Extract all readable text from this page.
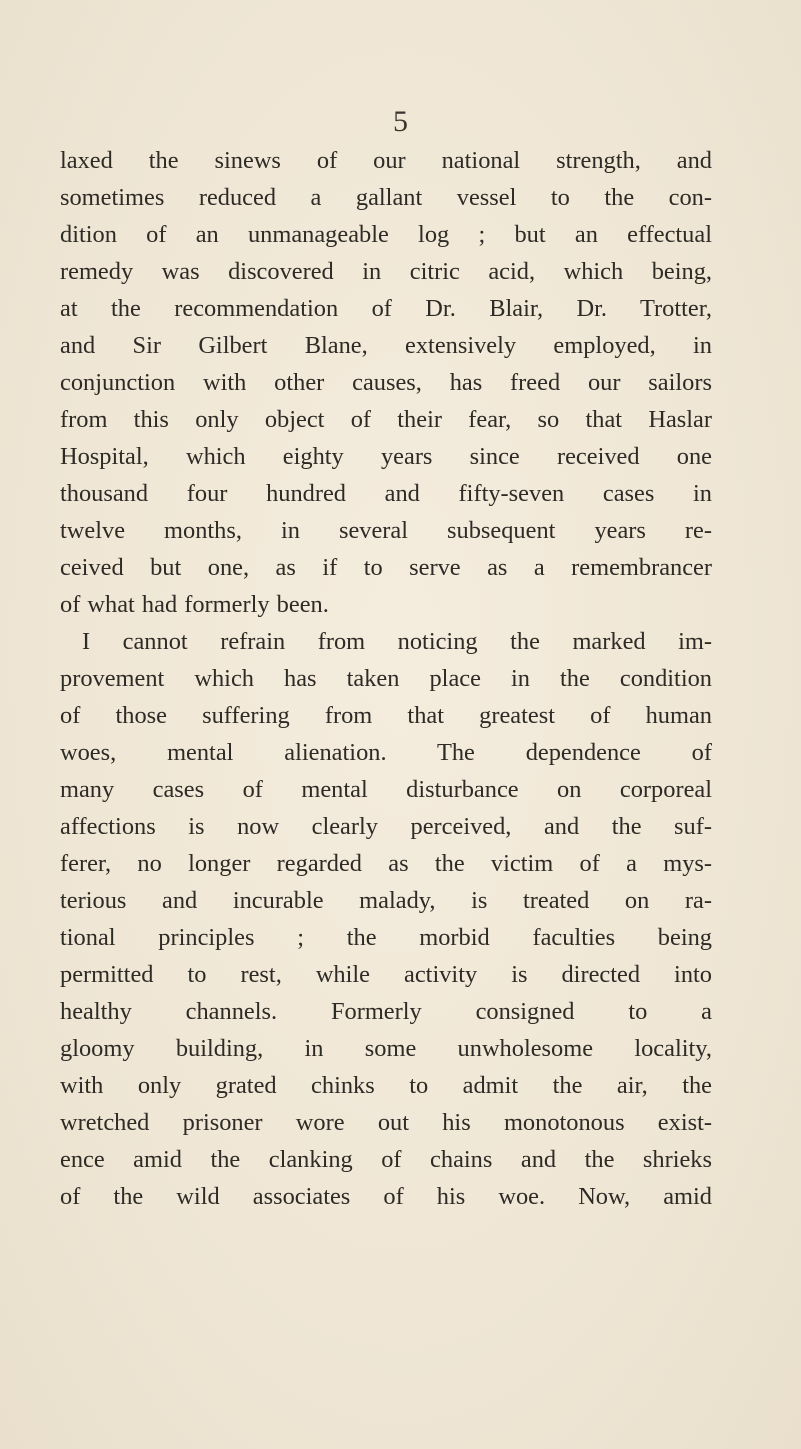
5
laxed the sinews of our national strength, and
sometimes reduced a gallant vessel to the con-
dition of an unmanageable log ; but an effectual
remedy was discovered in citric acid, which being,
at the recommendation of Dr. Blair, Dr. Trotter,
and Sir Gilbert Blane, extensively employed, in
conjunction with other causes, has freed our sailors
from this only object of their fear, so that Haslar
Hospital, which eighty years since received one
thousand four hundred and fifty-seven cases in
twelve months, in several subsequent years re-
ceived but one, as if to serve as a remembrancer
of what had formerly been.
I cannot refrain from noticing the marked im-
provement which has taken place in the condition
of those suffering from that greatest of human
woes, mental alienation. The dependence of
many cases of mental disturbance on corporeal
affections is now clearly perceived, and the suf-
ferer, no longer regarded as the victim of a mys-
terious and incurable malady, is treated on ra-
tional principles ; the morbid faculties being
permitted to rest, while activity is directed into
healthy channels. Formerly consigned to a
gloomy building, in some unwholesome locality,
with only grated chinks to admit the air, the
wretched prisoner wore out his monotonous exist-
ence amid the clanking of chains and the shrieks
of the wild associates of his woe. Now, amid
